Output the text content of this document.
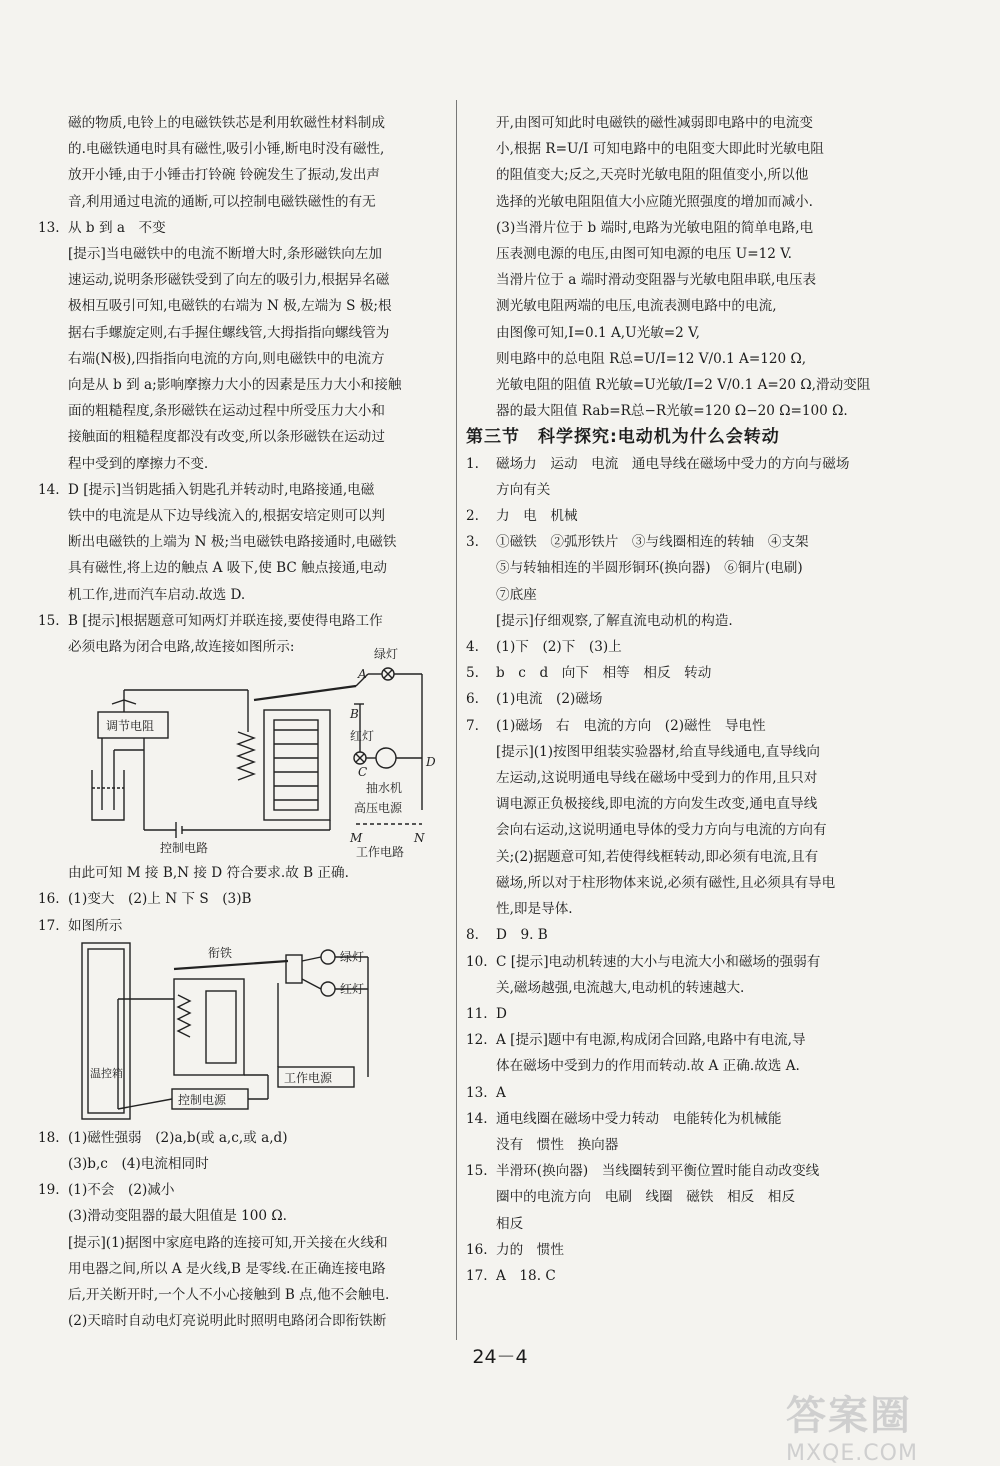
磁的物质,电铃上的电磁铁铁芯是利用软磁性材料制成
的.电磁铁通电时具有磁性,吸引小锤,断电时没有磁性,
放开小锤,由于小锤击打铃碗 铃碗发生了振动,发出声
音,利用通过电流的通断,可以控制电磁铁磁性的有无
13. 从 b 到 a　不变
[提示]当电磁铁中的电流不断增大时,条形磁铁向左加
速运动,说明条形磁铁受到了向左的吸引力,根据异名磁
极相互吸引可知,电磁铁的右端为 N 极,左端为 S 极;根
据右手螺旋定则,右手握住螺线管,大拇指指向螺线管为
右端(N极),四指指向电流的方向,则电磁铁中的电流方
向是从 b 到 a;影响摩擦力大小的因素是压力大小和接触
面的粗糙程度,条形磁铁在运动过程中所受压力大小和
接触面的粗糙程度都没有改变,所以条形磁铁在运动过
程中受到的摩擦力不变.
14. D [提示]当钥匙插入钥匙孔并转动时,电路接通,电磁
铁中的电流是从下边导线流入的,根据安培定则可以判
断出电磁铁的上端为 N 极;当电磁铁电路接通时,电磁铁
具有磁性,将上边的触点 A 吸下,使 BC 触点接通,电动
机工作,进而汽车启动.故选 D.
15. B [提示]根据题意可知两灯并联连接,要使得电路工作
必须电路为闭合电路,故连接如图所示:
调节电阻
控制电路
A
B
C
绿灯
红灯
D
抽水机
高压电源
M	N
工作电路
由此可知 M 接 B,N 接 D 符合要求.故 B 正确.
16. (1)变大　(2)上 N 下 S　(3)B
17. 如图所示
温控箱
衔铁	绿灯
红灯
工作电源
控制电源
18. (1)磁性强弱　(2)a,b(或 a,c,或 a,d)
(3)b,c　(4)电流相同时
19. (1)不会　(2)减小
(3)滑动变阻器的最大阻值是 100 Ω.
[提示](1)据图中家庭电路的连接可知,开关接在火线和
用电器之间,所以 A 是火线,B 是零线.在正确连接电路
后,开关断开时,一个人不小心接触到 B 点,他不会触电.
(2)天暗时自动电灯亮说明此时照明电路闭合即衔铁断
开,由图可知此时电磁铁的磁性减弱即电路中的电流变
小,根据 R=U/I 可知电路中的电阻变大即此时光敏电阻
的阻值变大;反之,天亮时光敏电阻的阻值变小,所以他
选择的光敏电阻阻值大小应随光照强度的增加而减小.
(3)当滑片位于 b 端时,电路为光敏电阻的简单电路,电
压表测电源的电压,由图可知电源的电压 U=12 V.
当滑片位于 a 端时滑动变阻器与光敏电阻串联,电压表
测光敏电阻两端的电压,电流表测电路中的电流,
由图像可知,I=0.1 A,U光敏=2 V,
则电路中的总电阻 R总=U/I=12 V/0.1 A=120 Ω,
光敏电阻的阻值 R光敏=U光敏/I=2 V/0.1 A=20 Ω,滑动变阻
器的最大阻值 Rab=R总−R光敏=120 Ω−20 Ω=100 Ω.
第三节　科学探究:电动机为什么会转动
1. 磁场力　运动　电流　通电导线在磁场中受力的方向与磁场
方向有关
2. 力　电　机械
3. ①磁铁　②弧形铁片　③与线圈相连的转轴　④支架
⑤与转轴相连的半圆形铜环(换向器)　⑥铜片(电刷)
⑦底座
[提示]仔细观察,了解直流电动机的构造.
4. (1)下　(2)下　(3)上
5. b　c　d　向下　相等　相反　转动
6. (1)电流　(2)磁场
7. (1)磁场　右　电流的方向　(2)磁性　导电性
[提示](1)按图甲组装实验器材,给直导线通电,直导线向
左运动,这说明通电导线在磁场中受到力的作用,且只对
调电源正负极接线,即电流的方向发生改变,通电直导线
会向右运动,这说明通电导体的受力方向与电流的方向有
关;(2)据题意可知,若使得线框转动,即必须有电流,且有
磁场,所以对于柱形物体来说,必须有磁性,且必须具有导电
性,即是导体.
8. D　9. B
10. C [提示]电动机转速的大小与电流大小和磁场的强弱有
关,磁场越强,电流越大,电动机的转速越大.
11. D
12. A [提示]题中有电源,构成闭合回路,电路中有电流,导
体在磁场中受到力的作用而转动.故 A 正确.故选 A.
13. A
14. 通电线圈在磁场中受力转动　电能转化为机械能
没有　惯性　换向器
15. 半滑环(换向器)　当线圈转到平衡位置时能自动改变线
圈中的电流方向　电刷　线圈　磁铁　相反　相反
相反
16. 力的　惯性
17. A　18. C
24－4
答案圈
MXQE.COM
